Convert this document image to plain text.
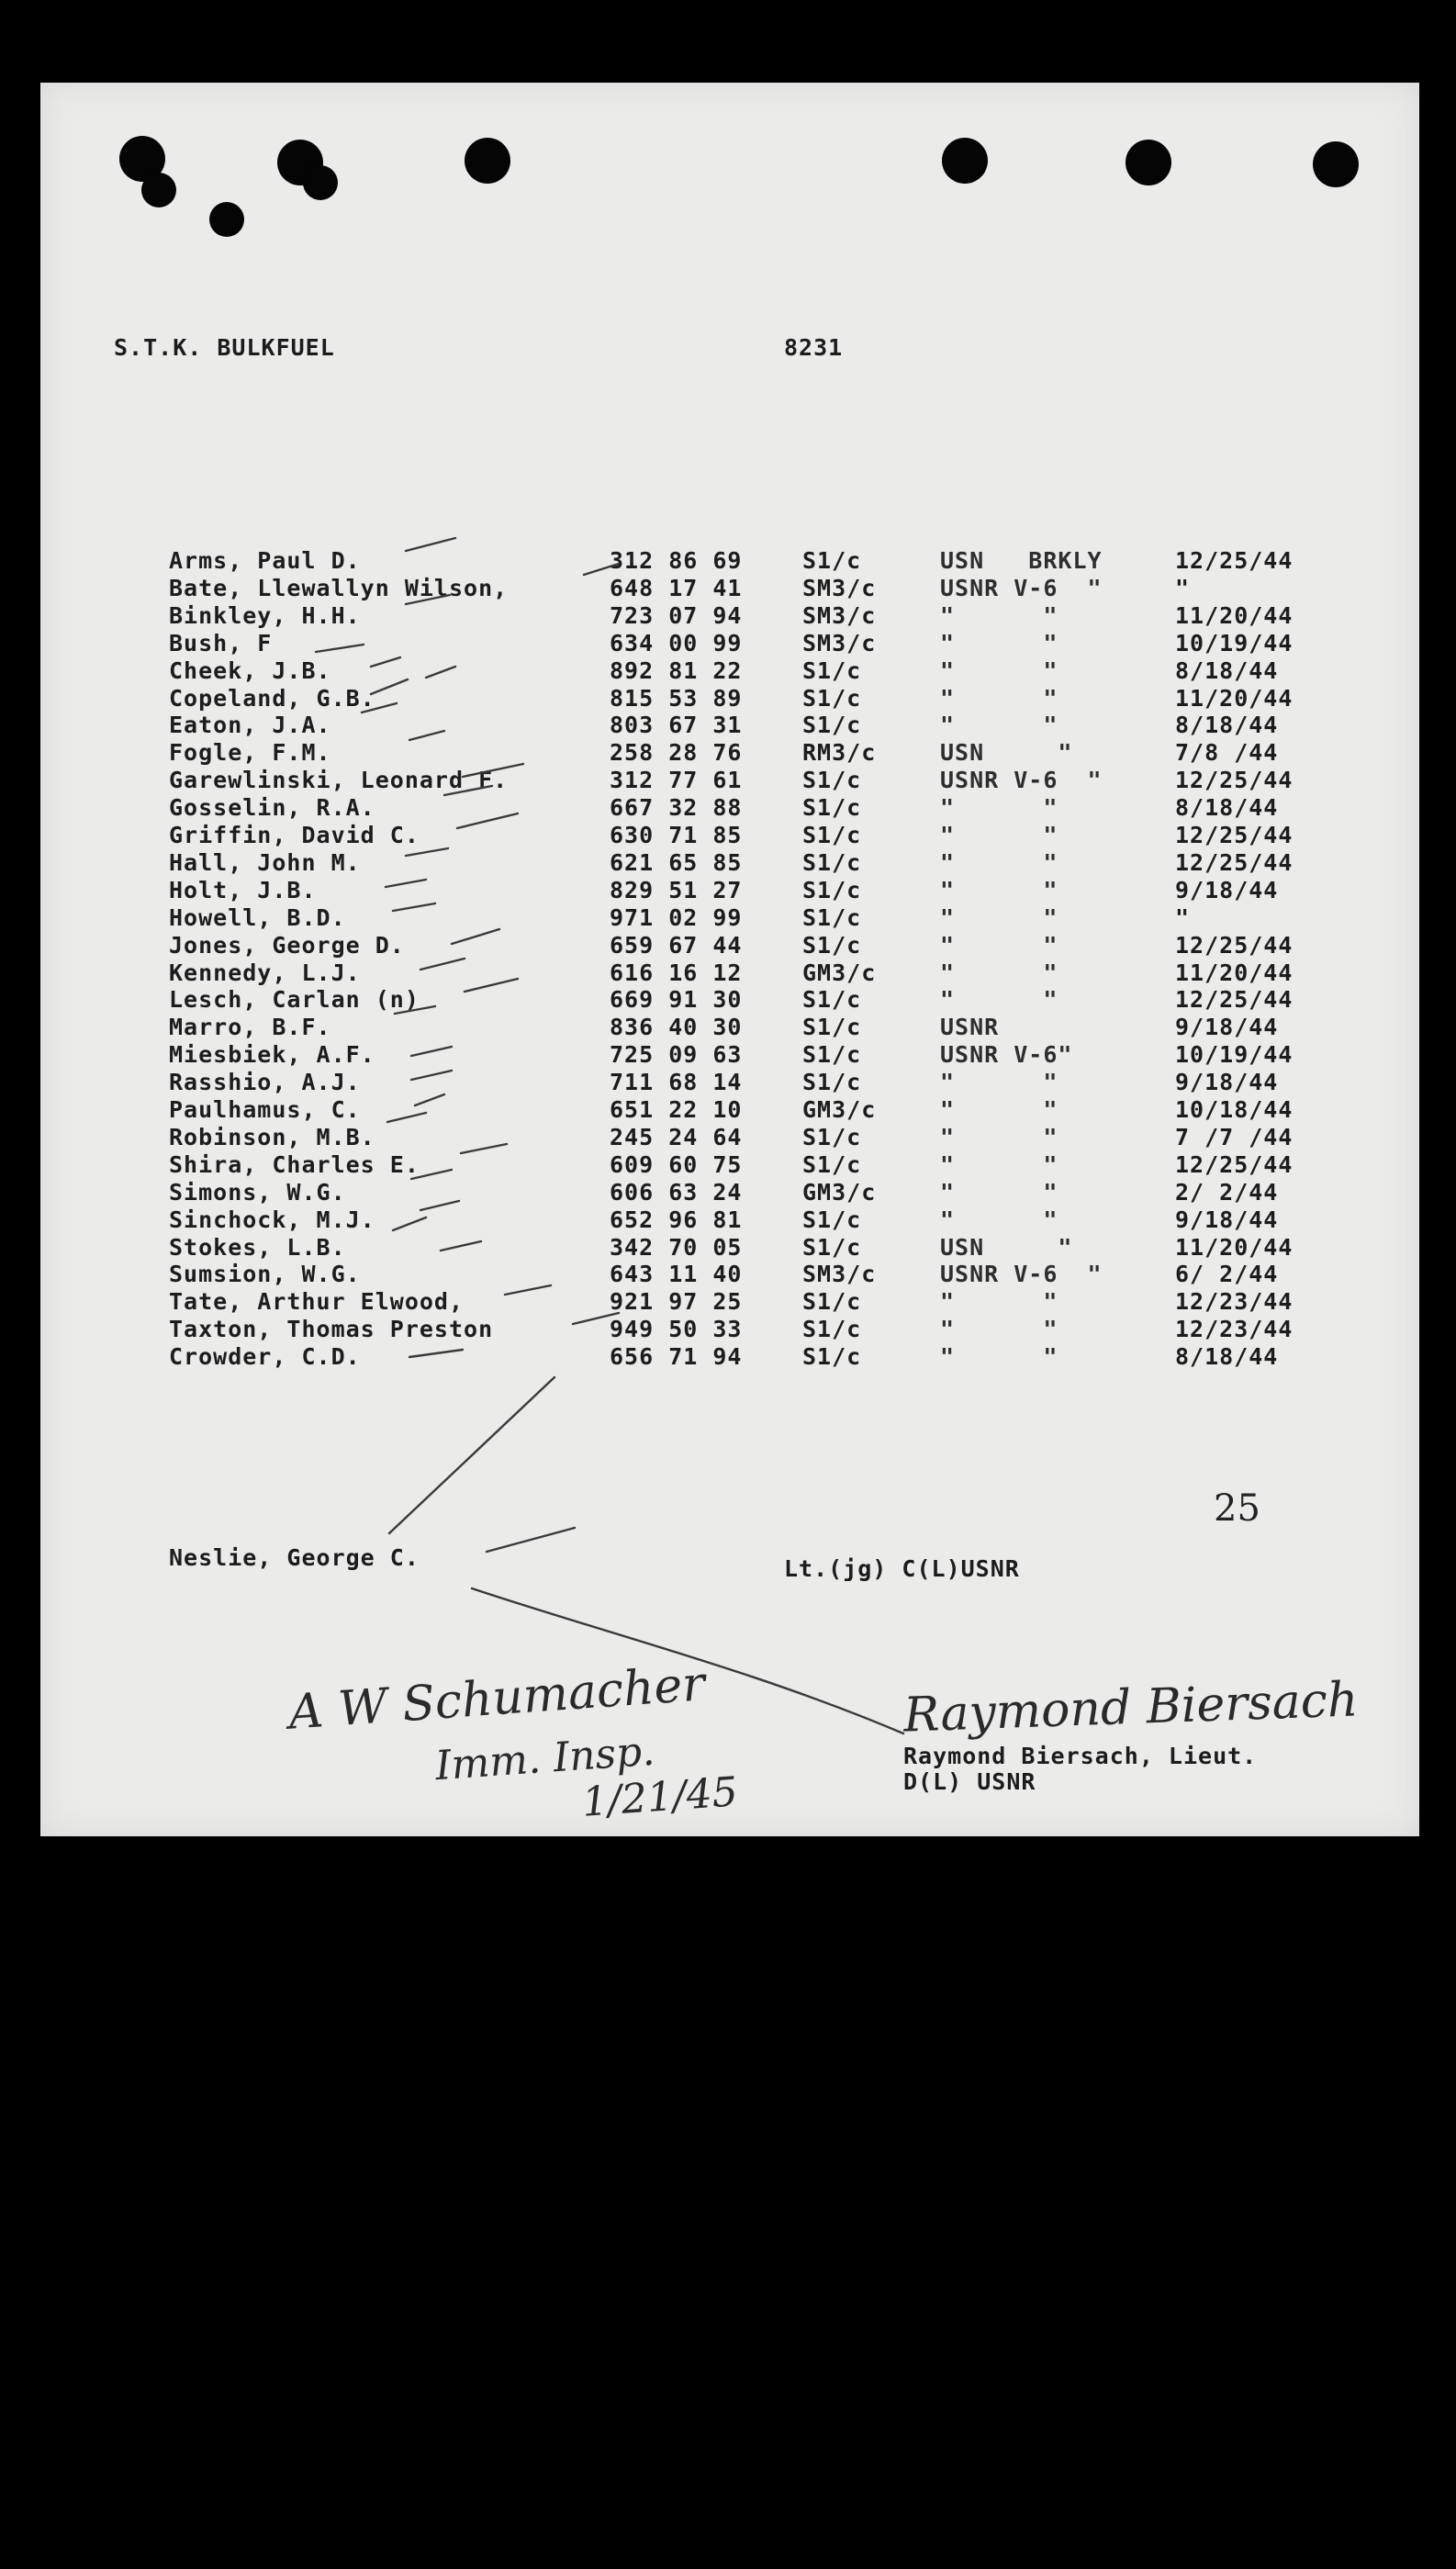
S.T.K. BULKFUEL	8231
Arms, Paul D.	312 86 69	S1/c	USN   BRKLY	12/25/44
Bate, Llewallyn Wilson,	648 17 41	SM3/c	USNR V-6  "	"
Binkley, H.H.	723 07 94	SM3/c	"      "	11/20/44
Bush, F	634 00 99	SM3/c	"      "	10/19/44
Cheek, J.B.	892 81 22	S1/c	"      "	8/18/44
Copeland, G.B.	815 53 89	S1/c	"      "	11/20/44
Eaton, J.A.	803 67 31	S1/c	"      "	8/18/44
Fogle, F.M.	258 28 76	RM3/c	USN     "	7/8 /44
Garewlinski, Leonard F.	312 77 61	S1/c	USNR V-6  "	12/25/44
Gosselin, R.A.	667 32 88	S1/c	"      "	8/18/44
Griffin, David C.	630 71 85	S1/c	"      "	12/25/44
Hall, John M.	621 65 85	S1/c	"      "	12/25/44
Holt, J.B.	829 51 27	S1/c	"      "	9/18/44
Howell, B.D.	971 02 99	S1/c	"      "	"
Jones, George D.	659 67 44	S1/c	"      "	12/25/44
Kennedy, L.J.	616 16 12	GM3/c	"      "	11/20/44
Lesch, Carlan (n)	669 91 30	S1/c	"      "	12/25/44
Marro, B.F.	836 40 30	S1/c	USNR	9/18/44
Miesbiek, A.F.	725 09 63	S1/c	USNR V-6"	10/19/44
Rasshio, A.J.	711 68 14	S1/c	"      "	9/18/44
Paulhamus, C.	651 22 10	GM3/c	"      "	10/18/44
Robinson, M.B.	245 24 64	S1/c	"      "	7 /7 /44
Shira, Charles E.	609 60 75	S1/c	"      "	12/25/44
Simons, W.G.	606 63 24	GM3/c	"      "	2/ 2/44
Sinchock, M.J.	652 96 81	S1/c	"      "	9/18/44
Stokes, L.B.	342 70 05	S1/c	USN     "	11/20/44
Sumsion, W.G.	643 11 40	SM3/c	USNR V-6  "	6/ 2/44
Tate, Arthur Elwood,	921 97 25	S1/c	"      "	12/23/44
Taxton, Thomas Preston	949 50 33	S1/c	"      "	12/23/44
Crowder, C.D.	656 71 94	S1/c	"      "	8/18/44
25
Neslie, George C.	Lt.(jg) C(L)USNR
A W Schumacher
Imm. Insp.
1/21/45
Raymond Biersach
Raymond Biersach, Lieut.
D(L) USNR
